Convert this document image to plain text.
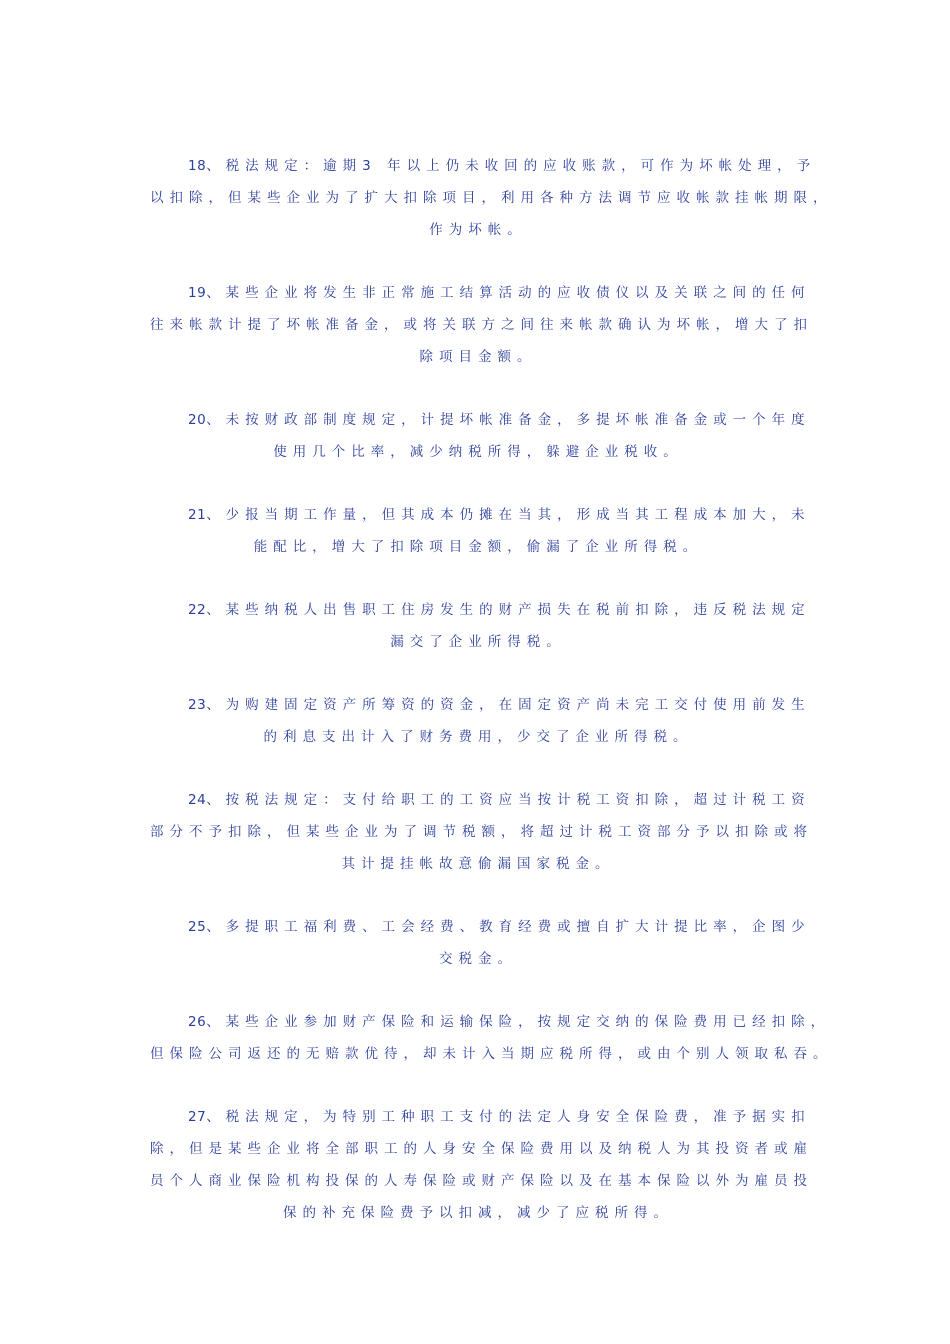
18、税法规定：逾期3 年以上仍未收回的应收账款，可作为坏帐处理，予
以扣除，但某些企业为了扩大扣除项目，利用各种方法调节应收帐款挂帐期限，
作为坏帐。
19、某些企业将发生非正常施工结算活动的应收债仪以及关联之间的任何
往来帐款计提了坏帐准备金，或将关联方之间往来帐款确认为坏帐，增大了扣
除项目金额。
20、未按财政部制度规定，计提坏帐准备金，多提坏帐准备金或一个年度
使用几个比率，减少纳税所得，躲避企业税收。
21、少报当期工作量，但其成本仍摊在当其，形成当其工程成本加大，未
能配比，增大了扣除项目金额，偷漏了企业所得税。
22、某些纳税人出售职工住房发生的财产损失在税前扣除，违反税法规定
漏交了企业所得税。
23、为购建固定资产所筹资的资金，在固定资产尚未完工交付使用前发生
的利息支出计入了财务费用，少交了企业所得税。
24、按税法规定：支付给职工的工资应当按计税工资扣除，超过计税工资
部分不予扣除，但某些企业为了调节税额，将超过计税工资部分予以扣除或将
其计提挂帐故意偷漏国家税金。
25、多提职工福利费、工会经费、教育经费或擅自扩大计提比率，企图少
交税金。
26、某些企业参加财产保险和运输保险，按规定交纳的保险费用已经扣除，
但保险公司返还的无赔款优待，却未计入当期应税所得，或由个别人领取私吞。
27、税法规定，为特别工种职工支付的法定人身安全保险费，准予据实扣
除，但是某些企业将全部职工的人身安全保险费用以及纳税人为其投资者或雇
员个人商业保险机构投保的人寿保险或财产保险以及在基本保险以外为雇员投
保的补充保险费予以扣减，减少了应税所得。
